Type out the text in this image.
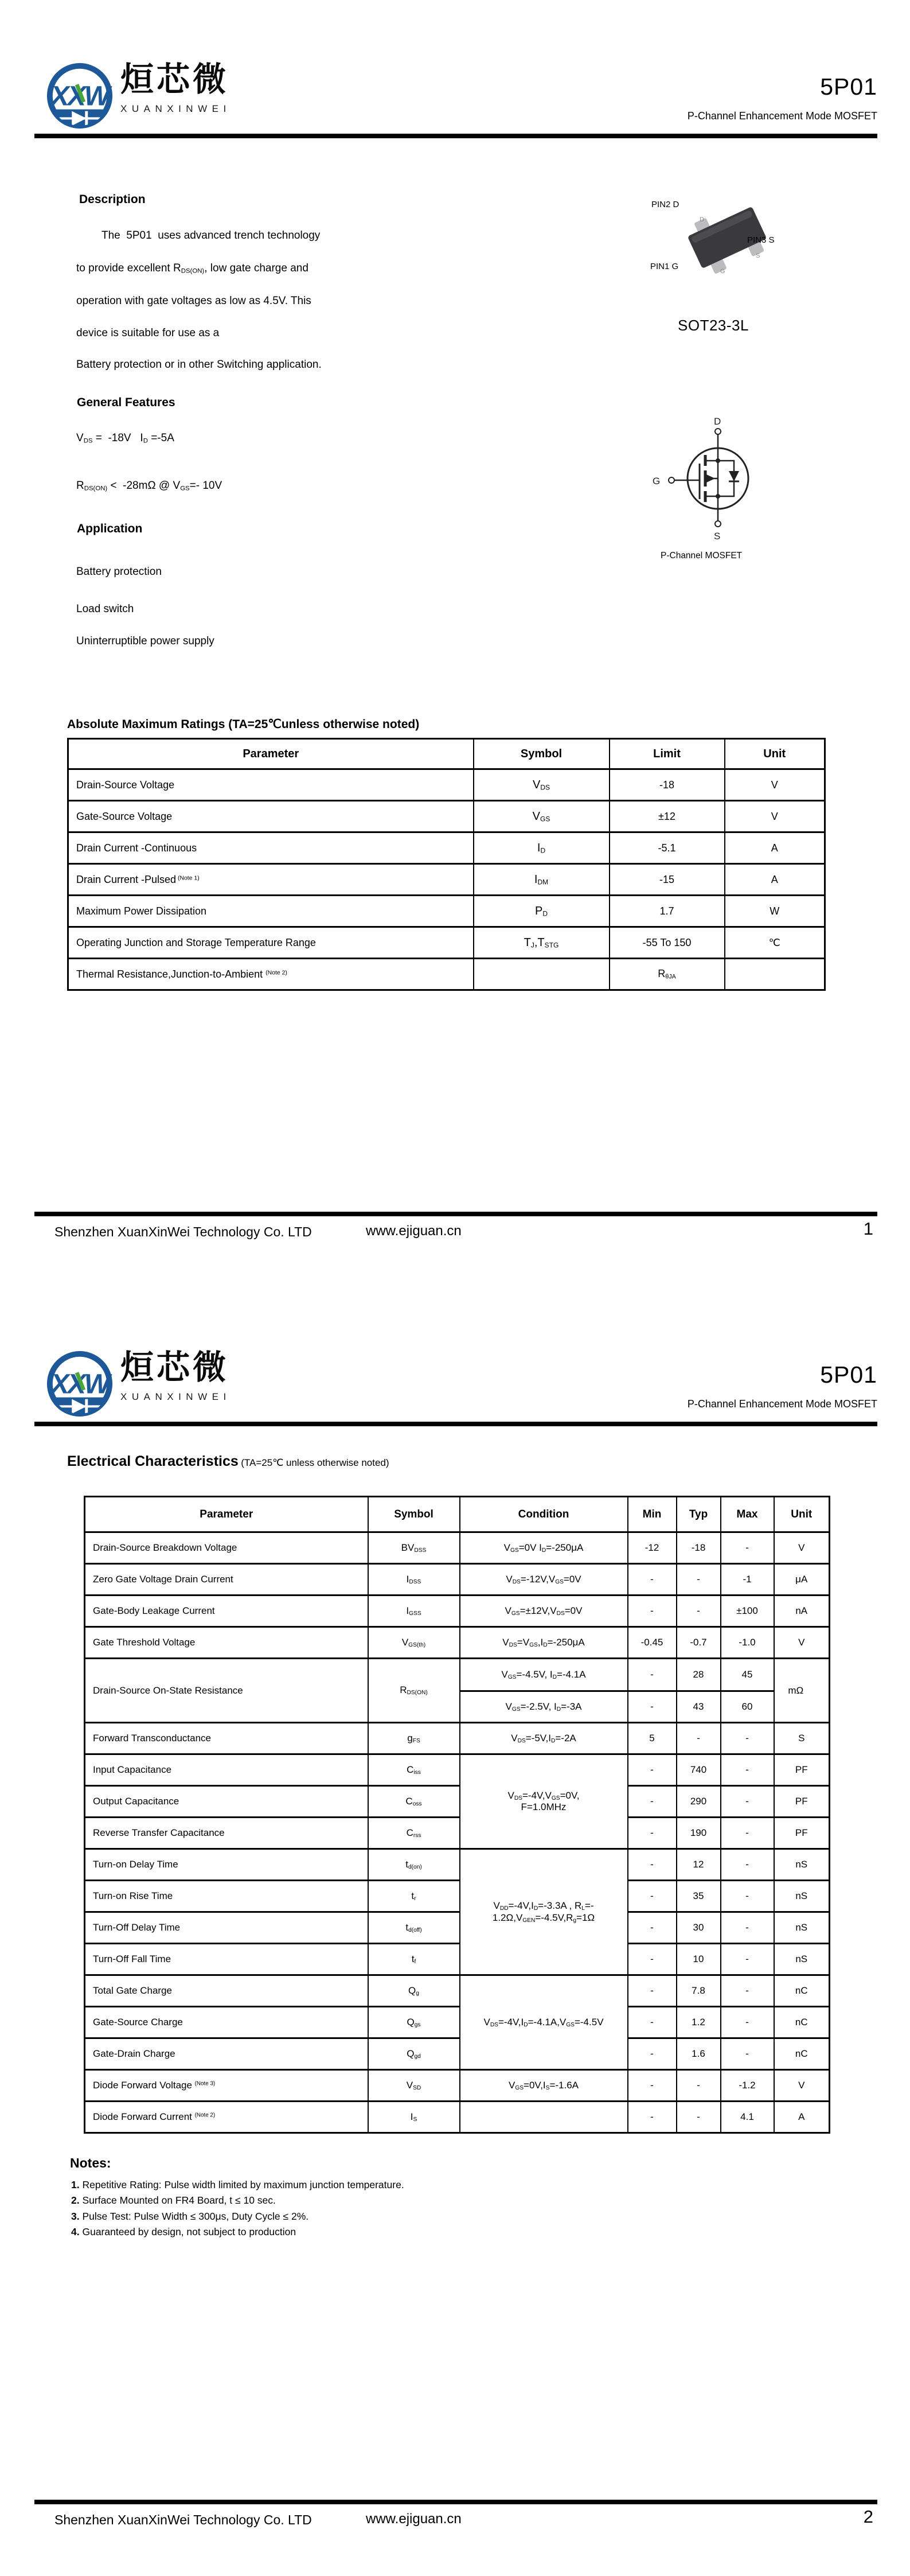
XXW 烜芯微
XUANXINWEI
5P01
P-Channel Enhancement Mode MOSFET
Description
The  5P01  uses advanced trench technology
to provide excellent RDS(ON), low gate charge and
operation with gate voltages as low as 4.5V. This
device is suitable for use as a
Battery protection or in other Switching application.
PIN2 D
D
G
S
PIN3 S
PIN1 G
SOT23-3L
General Features
VDS =  -18V   ID =-5A
RDS(ON) <  -28mΩ @ VGS=- 10V
Application
Battery protection
Load switch
Uninterruptible power supply
D
G
S
P-Channel MOSFET
Absolute Maximum Ratings (TA=25℃unless otherwise noted)
Parameter	Symbol	Limit	Unit
Drain-Source Voltage	VDS	-18	V
Gate-Source Voltage	VGS	±12	V
Drain Current -Continuous	ID	-5.1	A
Drain Current -Pulsed $^{(Note 1)}$	IDM	-15	A
Maximum Power Dissipation	PD	1.7	W
Operating Junction and Storage Temperature Range	TJ,TSTG	-55 To 150	℃
Thermal Resistance,Junction-to-Ambient $^{(Note 2)}$		RθJA	
Shenzhen XuanXinWei Technology Co. LTD	www.ejiguan.cn	1
XXW 烜芯微
XUANXINWEI
5P01
P-Channel Enhancement Mode MOSFET
Electrical Characteristics (TA=25℃ unless otherwise noted)
Parameter	Symbol	Condition	Min	Typ	Max	Unit
Drain-Source Breakdown Voltage	BVDSS	VGS=0V ID=-250μA	-12	-18	-	V
Zero Gate Voltage Drain Current	IDSS	VDS=-12V,VGS=0V	-	-	-1	μA
Gate-Body Leakage Current	IGSS	VGS=±12V,VDS=0V	-	-	±100	nA
Gate Threshold Voltage	VGS(th)	VDS=VGS,ID=-250μA	-0.45	-0.7	-1.0	V
Drain-Source On-State Resistance	RDS(ON)	VGS=-4.5V, ID=-4.1A	-	28	45	mΩ
		VGS=-2.5V, ID=-3A	-	43	60	
Forward Transconductance	gFS	VDS=-5V,ID=-2A	5	-	-	S
Input Capacitance	Ciss	VDS=-4V,VGS=0V,
F=1.0MHz	-	740	-	PF
Output Capacitance	Coss		-	290	-	PF
Reverse Transfer Capacitance	Crss		-	190	-	PF
Turn-on Delay Time	td(on)	VDD=-4V,ID=-3.3A , RL=-
1.2Ω,VGEN=-4.5V,Rg=1Ω	-	12	-	nS
Turn-on Rise Time	tr		-	35	-	nS
Turn-Off Delay Time	td(off)		-	30	-	nS
Turn-Off Fall Time	tf		-	10	-	nS
Total Gate Charge	Qg	VDS=-4V,ID=-4.1A,VGS=-4.5V	-	7.8	-	nC
Gate-Source Charge	Qgs		-	1.2	-	nC
Gate-Drain Charge	Qgd		-	1.6	-	nC
Diode Forward Voltage $^{(Note 3)}$	VSD	VGS=0V,IS=-1.6A	-	-	-1.2	V
Diode Forward Current $^{(Note 2)}$	IS		-	-	4.1	A
Notes:
1. Repetitive Rating: Pulse width limited by maximum junction temperature.
2. Surface Mounted on FR4 Board, t ≤ 10 sec.
3. Pulse Test: Pulse Width ≤ 300μs, Duty Cycle ≤ 2%.
4. Guaranteed by design, not subject to production
Shenzhen XuanXinWei Technology Co. LTD	www.ejiguan.cn	2
